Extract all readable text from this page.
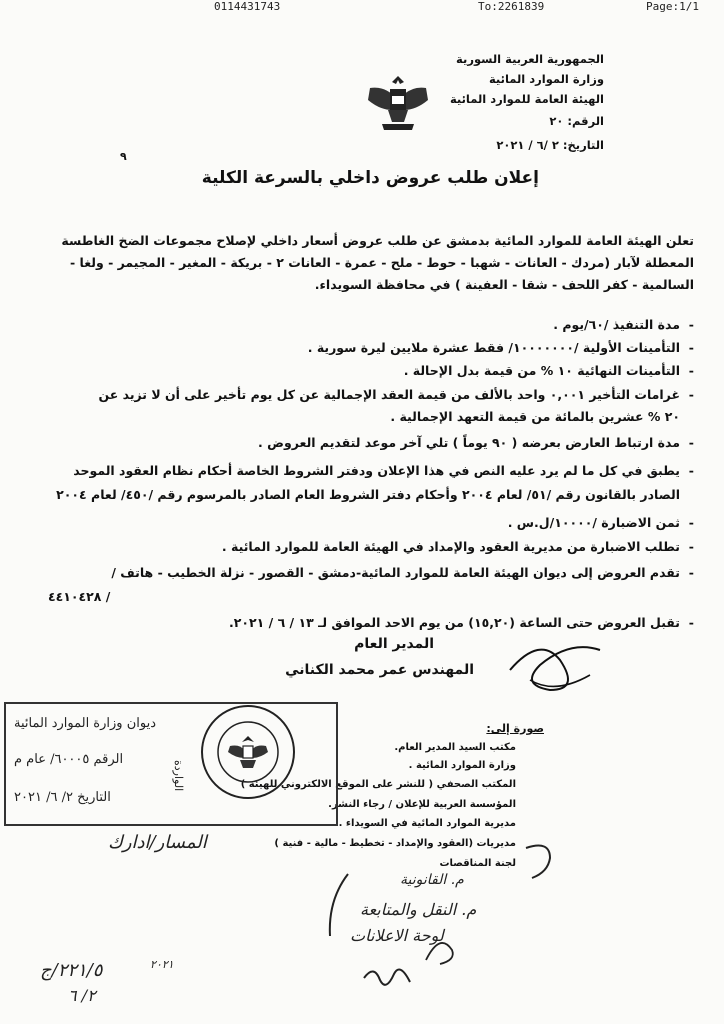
0114431743	To:2261839	Page:1/1
الجمهورية العربية السورية
وزارة الموارد المائية
الهيئة العامة للموارد المائية
الرقم: ٢٠
التاريخ: ٢ /٦ / ٢٠٢١
٩
إعلان طلب عروض داخلي بالسرعة الكلية
تعلن الهيئة العامة للموارد المائية بدمشق عن طلب عروض أسعار داخلي لإصلاح مجموعات الضخ الغاطسة المعطلة لآبار (مردك - العانات - شهبا - حوط - ملح - عمرة - العانات ٢ - بريكة - المغير - المجيمر - ولغا - السالمية - كفر اللحف - شقا - العفينة ) في محافظة السويداء.
-مدة التنفيذ /٦٠/يوم .
-التأمينات الأولية /١٠٠٠٠٠٠٠/ فقط عشرة ملايين ليرة سورية .
-التأمينات النهائية ١٠ % من قيمة بدل الإحالة .
-غرامات التأخير ٠,٠٠١ واحد بالألف من قيمة العقد الإجمالية عن كل يوم تأخير على أن لا تزيد عن
٢٠ % عشرين بالمائة من قيمة التعهد الإجمالية .
-مدة ارتباط العارض بعرضه ( ٩٠ يوماً ) تلي آخر موعد لتقديم العروض .
-يطبق في كل ما لم يرد عليه النص في هذا الإعلان ودفتر الشروط الخاصة أحكام نظام العقود الموحد
الصادر بالقانون رقم /٥١/ لعام ٢٠٠٤ وأحكام دفتر الشروط العام الصادر بالمرسوم رقم /٤٥٠/ لعام ٢٠٠٤
-ثمن الاضبارة /١٠٠٠٠/ل.س .
-تطلب الاضبارة من مديرية العقود والإمداد في الهيئة العامة للموارد المائية .
-تقدم العروض إلى ديوان الهيئة العامة للموارد المائية-دمشق - القصور - نزلة الخطيب - هاتف /
٤٤١٠٤٢٨ /
-تقبل العروض حتى الساعة (١٥,٢٠) من يوم الاحد الموافق لـ ١٣ / ٦ / ٢٠٢١.
المدير العام
المهندس عمر محمد الكناني
صورة إلى:
مكتب السيد المدير العام.
وزارة الموارد المائية .
المكتب الصحفي ( للنشر على الموقع الالكتروني للهيئة )
المؤسسة العربية للإعلان / رجاء النشر.
مديرية الموارد المائية في السويداء .
مديريات (العقود والإمداد - تخطيط - مالية - فنية )
لجنة المناقصات
ديوان وزارة الموارد المائية
الرقم ٦٠٠٠٥/ عام م
التاريخ ٢/ ٦/ ٢٠٢١
الواردة
المسار/ادارك
م. القانونية
م. النقل والمتابعة
لوحة الاعلانات
٢٢١/٥/ج
٢/ ٦
٢٠٢١
